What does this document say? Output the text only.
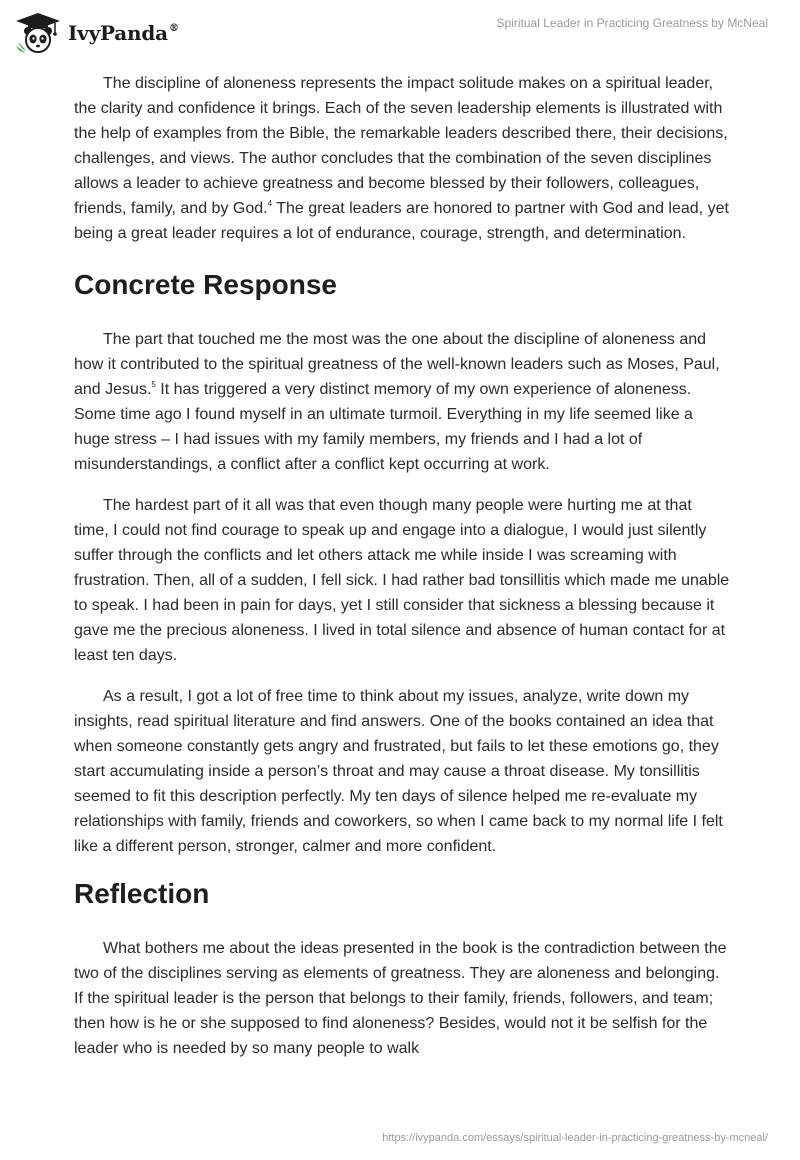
IvyPanda®	Spiritual Leader in Practicing Greatness by McNeal

The discipline of aloneness represents the impact solitude makes on a spiritual leader, the clarity and confidence it brings. Each of the seven leadership elements is illustrated with the help of examples from the Bible, the remarkable leaders described there, their decisions, challenges, and views. The author concludes that the combination of the seven disciplines allows a leader to achieve greatness and become blessed by their followers, colleagues, friends, family, and by God.$^4$ The great leaders are honored to partner with God and lead, yet being a great leader requires a lot of endurance, courage, strength, and determination.

Concrete Response

The part that touched me the most was the one about the discipline of aloneness and how it contributed to the spiritual greatness of the well-known leaders such as Moses, Paul, and Jesus.$^5$ It has triggered a very distinct memory of my own experience of aloneness. Some time ago I found myself in an ultimate turmoil. Everything in my life seemed like a huge stress – I had issues with my family members, my friends and I had a lot of misunderstandings, a conflict after a conflict kept occurring at work.

The hardest part of it all was that even though many people were hurting me at that time, I could not find courage to speak up and engage into a dialogue, I would just silently suffer through the conflicts and let others attack me while inside I was screaming with frustration. Then, all of a sudden, I fell sick. I had rather bad tonsillitis which made me unable to speak. I had been in pain for days, yet I still consider that sickness a blessing because it gave me the precious aloneness. I lived in total silence and absence of human contact for at least ten days.

As a result, I got a lot of free time to think about my issues, analyze, write down my insights, read spiritual literature and find answers. One of the books contained an idea that when someone constantly gets angry and frustrated, but fails to let these emotions go, they start accumulating inside a person’s throat and may cause a throat disease. My tonsillitis seemed to fit this description perfectly. My ten days of silence helped me re-evaluate my relationships with family, friends and coworkers, so when I came back to my normal life I felt like a different person, stronger, calmer and more confident.

Reflection

What bothers me about the ideas presented in the book is the contradiction between the two of the disciplines serving as elements of greatness. They are aloneness and belonging. If the spiritual leader is the person that belongs to their family, friends, followers, and team; then how is he or she supposed to find aloneness? Besides, would not it be selfish for the leader who is needed by so many people to walk

https://ivypanda.com/essays/spiritual-leader-in-practicing-greatness-by-mcneal/
